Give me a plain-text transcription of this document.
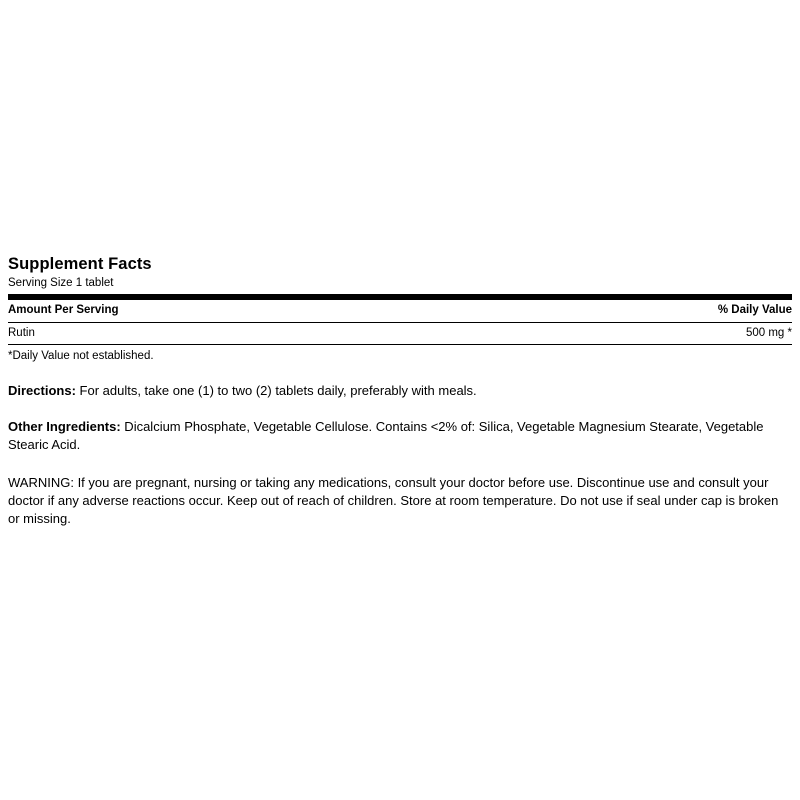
Supplement Facts
Serving Size 1 tablet
Amount Per Serving	% Daily Value
Rutin	500 mg *
*Daily Value not established.
Directions: For adults, take one (1) to two (2) tablets daily, preferably with meals.
Other Ingredients: Dicalcium Phosphate, Vegetable Cellulose. Contains <2% of: Silica, Vegetable Magnesium Stearate, Vegetable Stearic Acid.
WARNING: If you are pregnant, nursing or taking any medications, consult your doctor before use. Discontinue use and consult your doctor if any adverse reactions occur. Keep out of reach of children. Store at room temperature. Do not use if seal under cap is broken or missing.
